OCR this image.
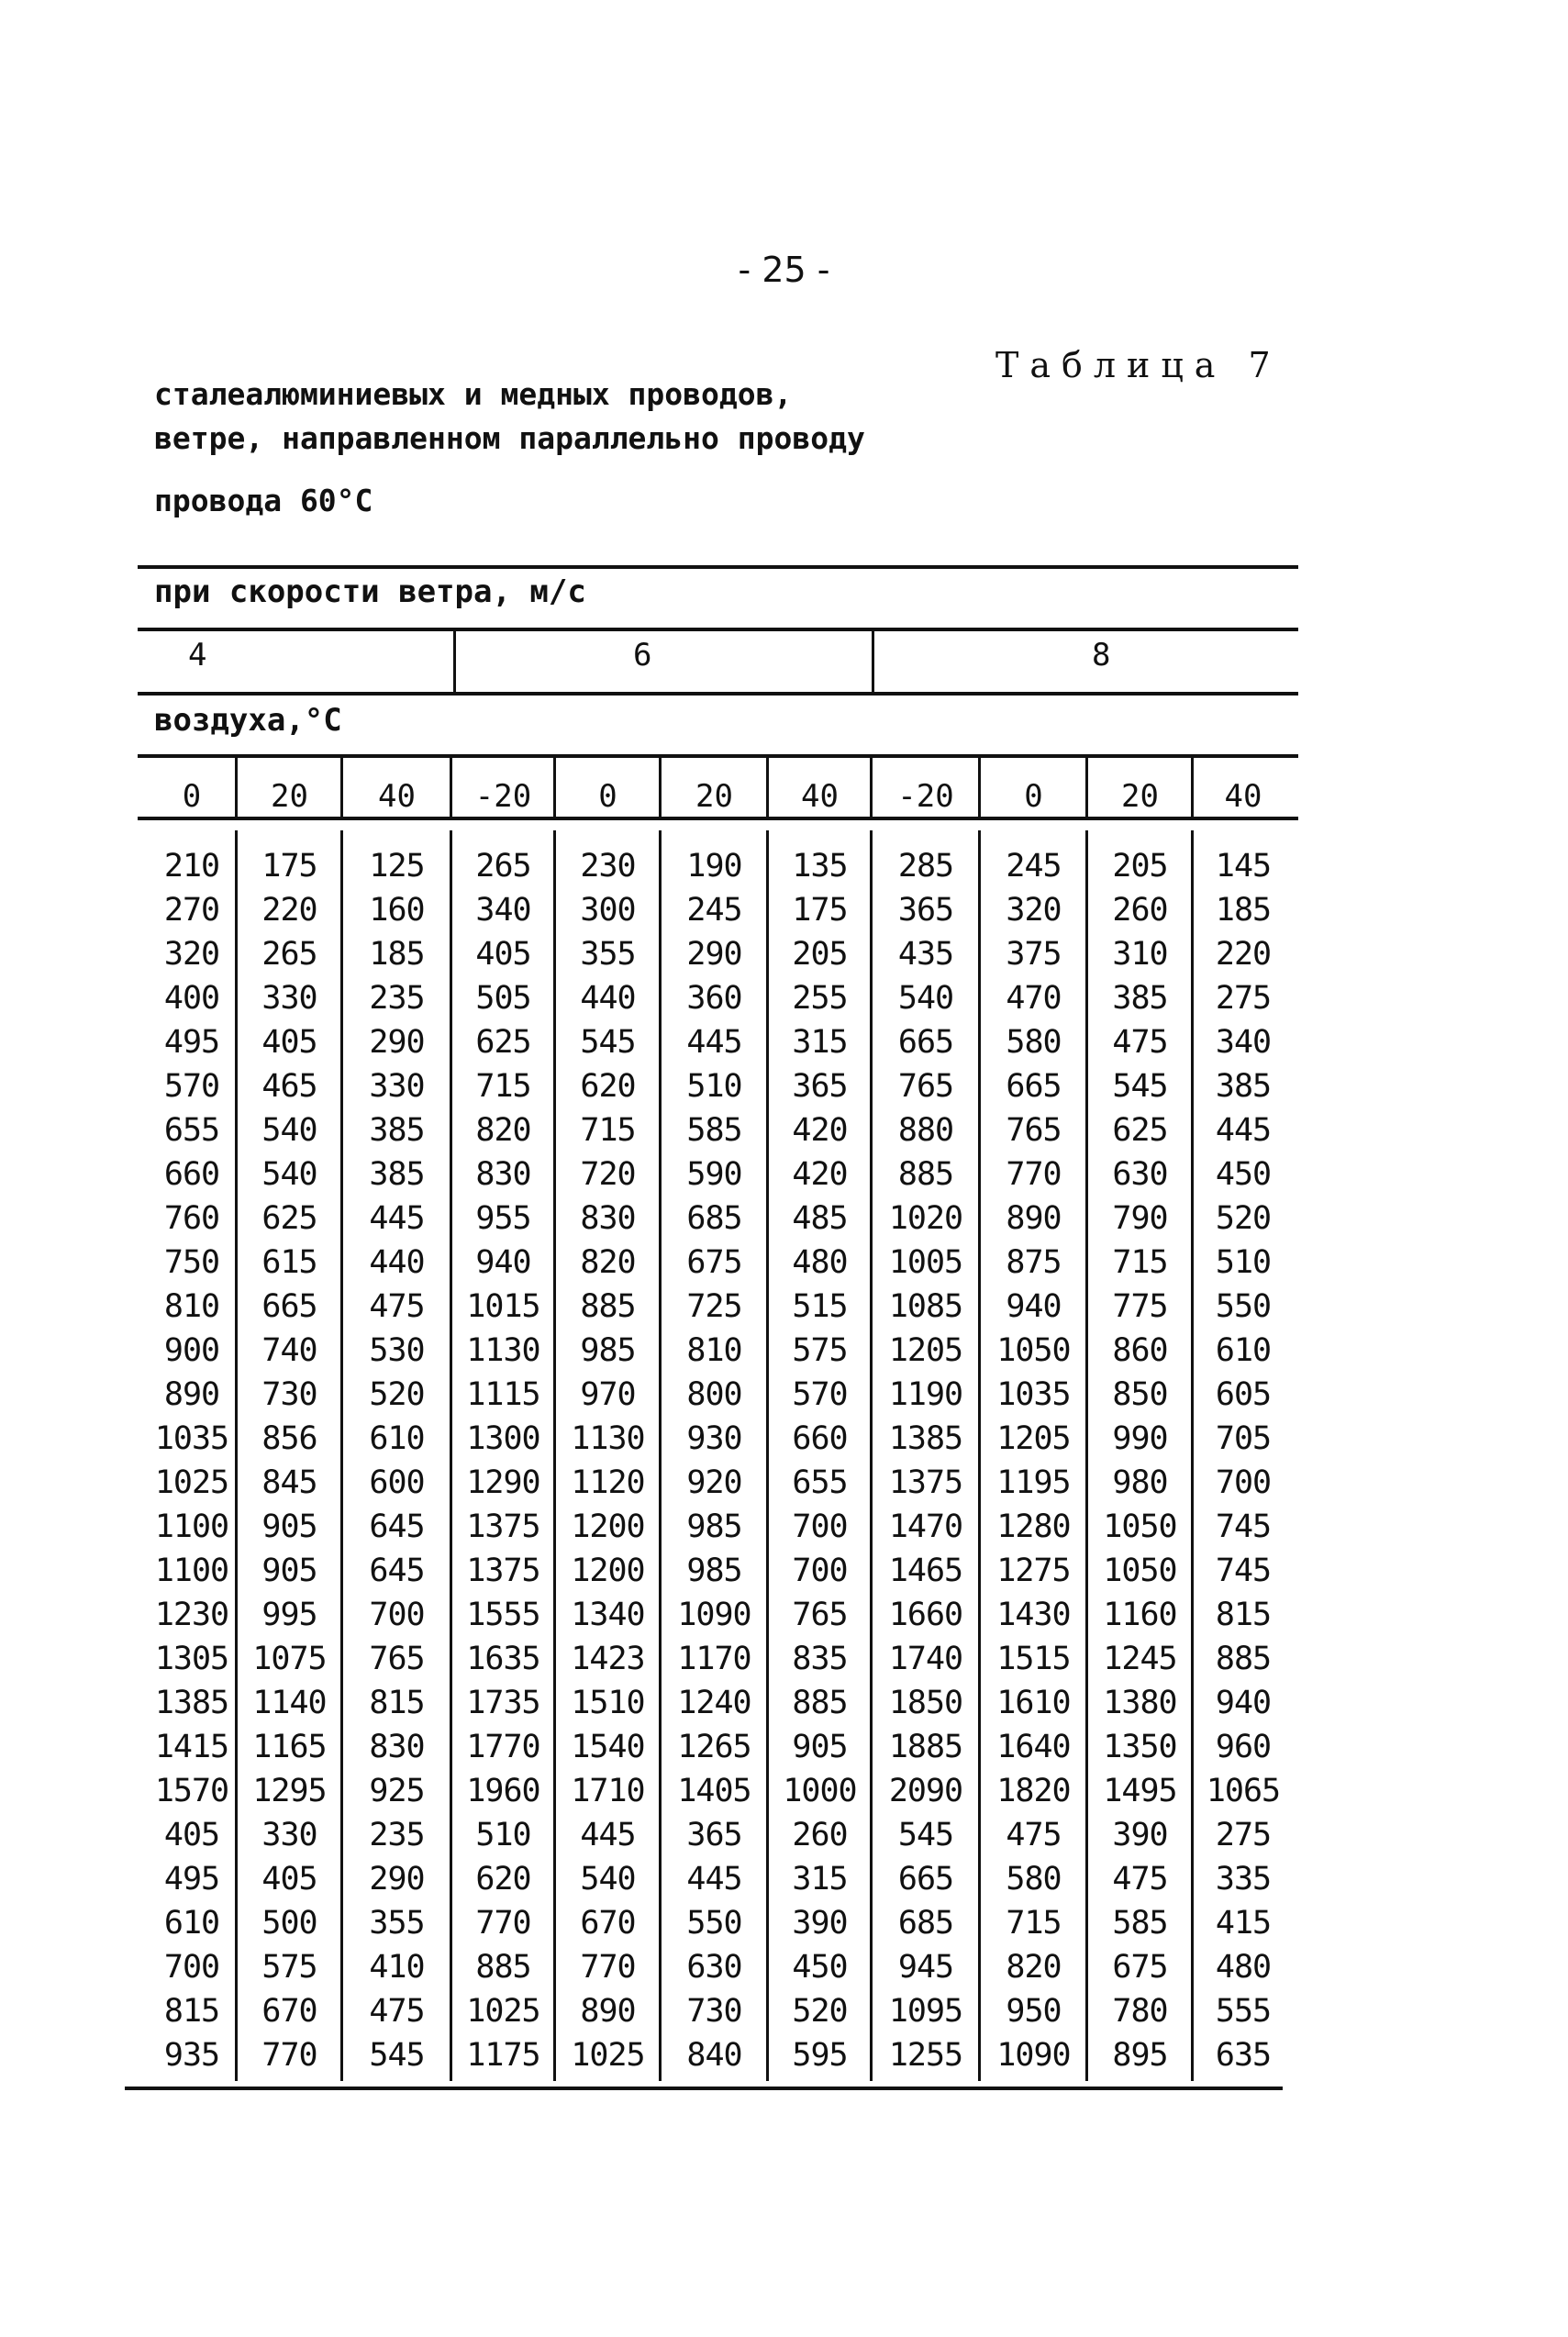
- 25 -
Таблица 7
сталеалюминиевых и медных проводов,
ветре, направленном параллельно проводу
провода 60°C
при скорости ветра, м/с
4	6	8
воздуха,°C
0	20	40	-20	0	20	40	-20	0	20	40
210	175	125	265	230	190	135	285	245	205	145
270	220	160	340	300	245	175	365	320	260	185
320	265	185	405	355	290	205	435	375	310	220
400	330	235	505	440	360	255	540	470	385	275
495	405	290	625	545	445	315	665	580	475	340
570	465	330	715	620	510	365	765	665	545	385
655	540	385	820	715	585	420	880	765	625	445
660	540	385	830	720	590	420	885	770	630	450
760	625	445	955	830	685	485	1020	890	790	520
750	615	440	940	820	675	480	1005	875	715	510
810	665	475	1015	885	725	515	1085	940	775	550
900	740	530	1130	985	810	575	1205	1050	860	610
890	730	520	1115	970	800	570	1190	1035	850	605
1035	856	610	1300 1130	930	660	1385	1205	990	705
1025	845	600	1290 1120	920	655	1375	1195	980	700
1100	905	645	1375 1200	985	700	1470	1280	1050	745
1100	905	645	1375 1200	985	700	1465	1275	1050	745
1230	995	700	1555 1340	1090	765	1660	1430	1160	815
1305 1075	765	1635 1423	1170	835	1740	1515	1245	885
1385 1140	815	1735 1510	1240	885	1850	1610	1380	940
1415 1165	830	1770 1540	1265	905	1885	1640	1350	960
1570 1295	925	1960 1710	1405 1000	2090	1820	1495 1065
405	330	235	510	445	365	260	545	475	390	275
495	405	290	620	540	445	315	665	580	475	335
610	500	355	770	670	550	390	685	715	585	415
700	575	410	885	770	630	450	945	820	675	480
815	670	475	1025	890	730	520	1095	950	780	555
935	770	545	1175 1025	840	595	1255	1090	895	635
